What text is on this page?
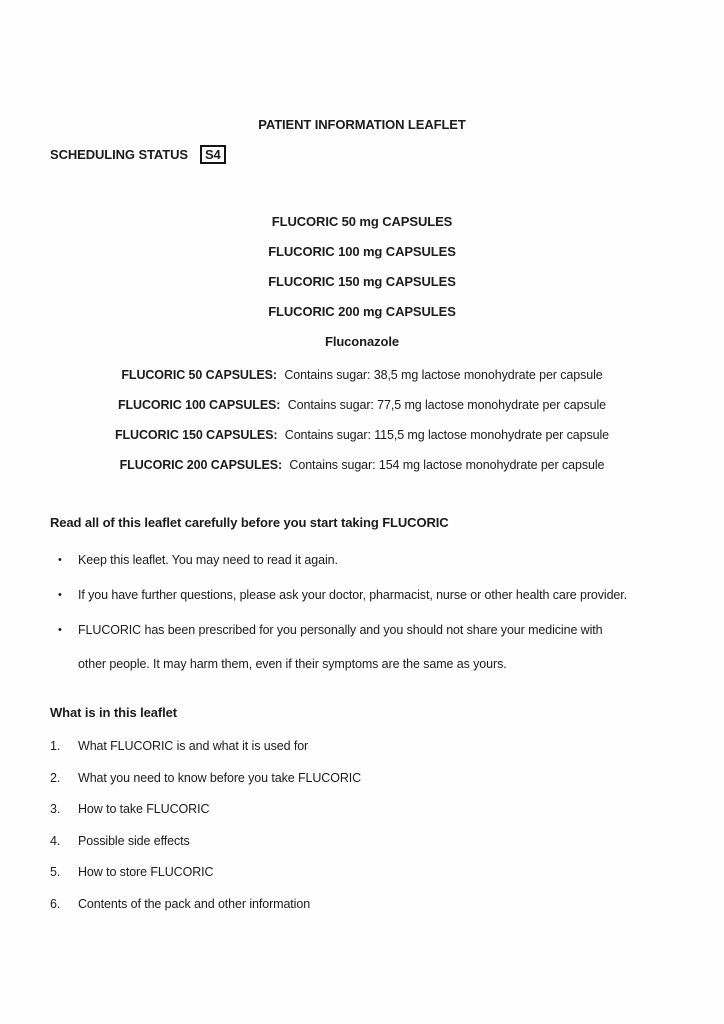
PATIENT INFORMATION LEAFLET
SCHEDULING STATUS	S4
FLUCORIC 50 mg CAPSULES
FLUCORIC 100 mg CAPSULES
FLUCORIC 150 mg CAPSULES
FLUCORIC 200 mg CAPSULES
Fluconazole
FLUCORIC 50 CAPSULES: Contains sugar: 38,5 mg lactose monohydrate per capsule
FLUCORIC 100 CAPSULES: Contains sugar: 77,5 mg lactose monohydrate per capsule
FLUCORIC 150 CAPSULES: Contains sugar: 115,5 mg lactose monohydrate per capsule
FLUCORIC 200 CAPSULES: Contains sugar: 154 mg lactose monohydrate per capsule
Read all of this leaflet carefully before you start taking FLUCORIC
• Keep this leaflet. You may need to read it again.
• If you have further questions, please ask your doctor, pharmacist, nurse or other health care provider.
• FLUCORIC has been prescribed for you personally and you should not share your medicine with
other people. It may harm them, even if their symptoms are the same as yours.
What is in this leaflet
1.	What FLUCORIC is and what it is used for
2.	What you need to know before you take FLUCORIC
3.	How to take FLUCORIC
4.	Possible side effects
5.	How to store FLUCORIC
6.	Contents of the pack and other information
